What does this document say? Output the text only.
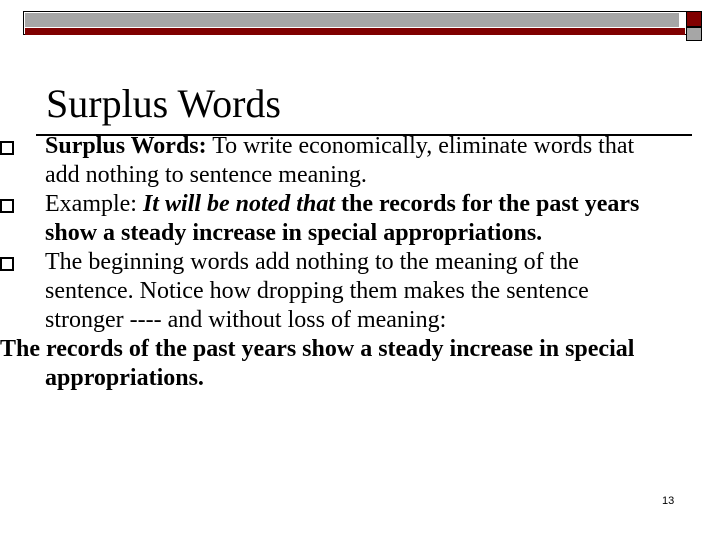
Surplus Words
Surplus Words: To write economically, eliminate words that add nothing to sentence meaning.
Example: It will be noted that the records for the past years show a steady increase in special appropriations.
The beginning words add nothing to the meaning of the sentence. Notice how dropping them makes the sentence stronger ---- and without loss of meaning:
The records of the past years show a steady increase in special appropriations.
13
